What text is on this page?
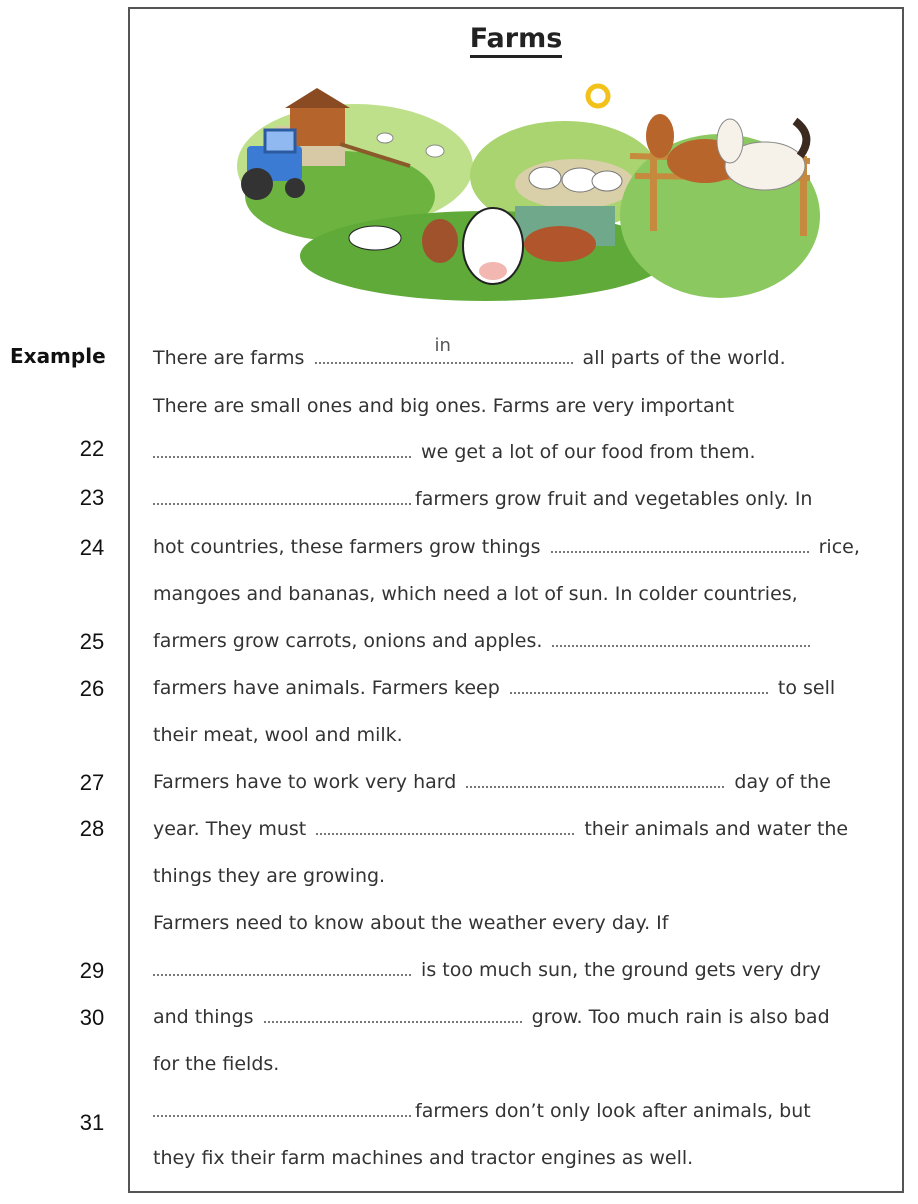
Farms
Example
22
23
24
25
26
27
28
29
30
31
There are farms
in
all parts of the world.
There are small ones and big ones. Farms are very important
we get a lot of our food from them.
farmers grow fruit and vegetables only. In
hot countries, these farmers grow things	rice,
mangoes and bananas, which need a lot of sun. In colder countries,
farmers grow carrots, onions and apples.
farmers have animals. Farmers keep	to sell
their meat, wool and milk.
Farmers have to work very hard	day of the
year. They must	their animals and water the
things they are growing.
Farmers need to know about the weather every day. If
is too much sun, the ground gets very dry
and things	grow. Too much rain is also bad
for the fields.
farmers don’t only look after animals, but
they fix their farm machines and tractor engines as well.
